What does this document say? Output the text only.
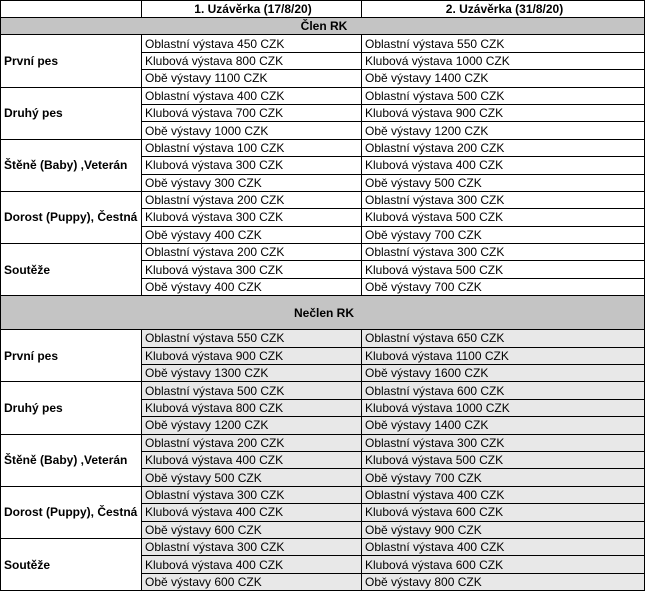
	1. Uzávěrka (17/8/20)	2. Uzávěrka (31/8/20)
Člen RK		
První pes	Oblastní výstava 450 CZK	Oblastní výstava 550 CZK
	Klubová výstava 800 CZK	Klubová výstava 1000 CZK
	Obě výstavy 1100 CZK	Obě výstavy 1400 CZK
Druhý pes	Oblastní výstava 400 CZK	Oblastní výstava 500 CZK
	Klubová výstava 700 CZK	Klubová výstava 900 CZK
	Obě výstavy 1000 CZK	Obě výstavy 1200 CZK
Štěně (Baby) ,Veterán	Oblastní výstava 100 CZK	Oblastní výstava 200 CZK
	Klubová výstava 300 CZK	Klubová výstava 400 CZK
	Obě výstavy 300 CZK	Obě výstavy 500 CZK
Dorost (Puppy), Čestná	Oblastní výstava 200 CZK	Oblastní výstava 300 CZK
	Klubová výstava 300 CZK	Klubová výstava 500 CZK
	Obě výstavy 400 CZK	Obě výstavy 700 CZK
Soutěže	Oblastní výstava 200 CZK	Oblastní výstava 300 CZK
	Klubová výstava 300 CZK	Klubová výstava 500 CZK
	Obě výstavy 400 CZK	Obě výstavy 700 CZK
Nečlen RK		
První pes	Oblastní výstava 550 CZK	Oblastní výstava 650 CZK
	Klubová výstava 900 CZK	Klubová výstava 1100 CZK
	Obě výstavy 1300 CZK	Obě výstavy 1600 CZK
Druhý pes	Oblastní výstava 500 CZK	Oblastní výstava 600 CZK
	Klubová výstava 800 CZK	Klubová výstava 1000 CZK
	Obě výstavy 1200 CZK	Obě výstavy 1400 CZK
Štěně (Baby) ,Veterán	Oblastní výstava 200 CZK	Oblastní výstava 300 CZK
	Klubová výstava 400 CZK	Klubová výstava 500 CZK
	Obě výstavy 500 CZK	Obě výstavy 700 CZK
Dorost (Puppy), Čestná	Oblastní výstava 300 CZK	Oblastní výstava 400 CZK
	Klubová výstava 400 CZK	Klubová výstava 600 CZK
	Obě výstavy 600 CZK	Obě výstavy 900 CZK
Soutěže	Oblastní výstava 300 CZK	Oblastní výstava 400 CZK
	Klubová výstava 400 CZK	Klubová výstava 600 CZK
	Obě výstavy 600 CZK	Obě výstavy 800 CZK
